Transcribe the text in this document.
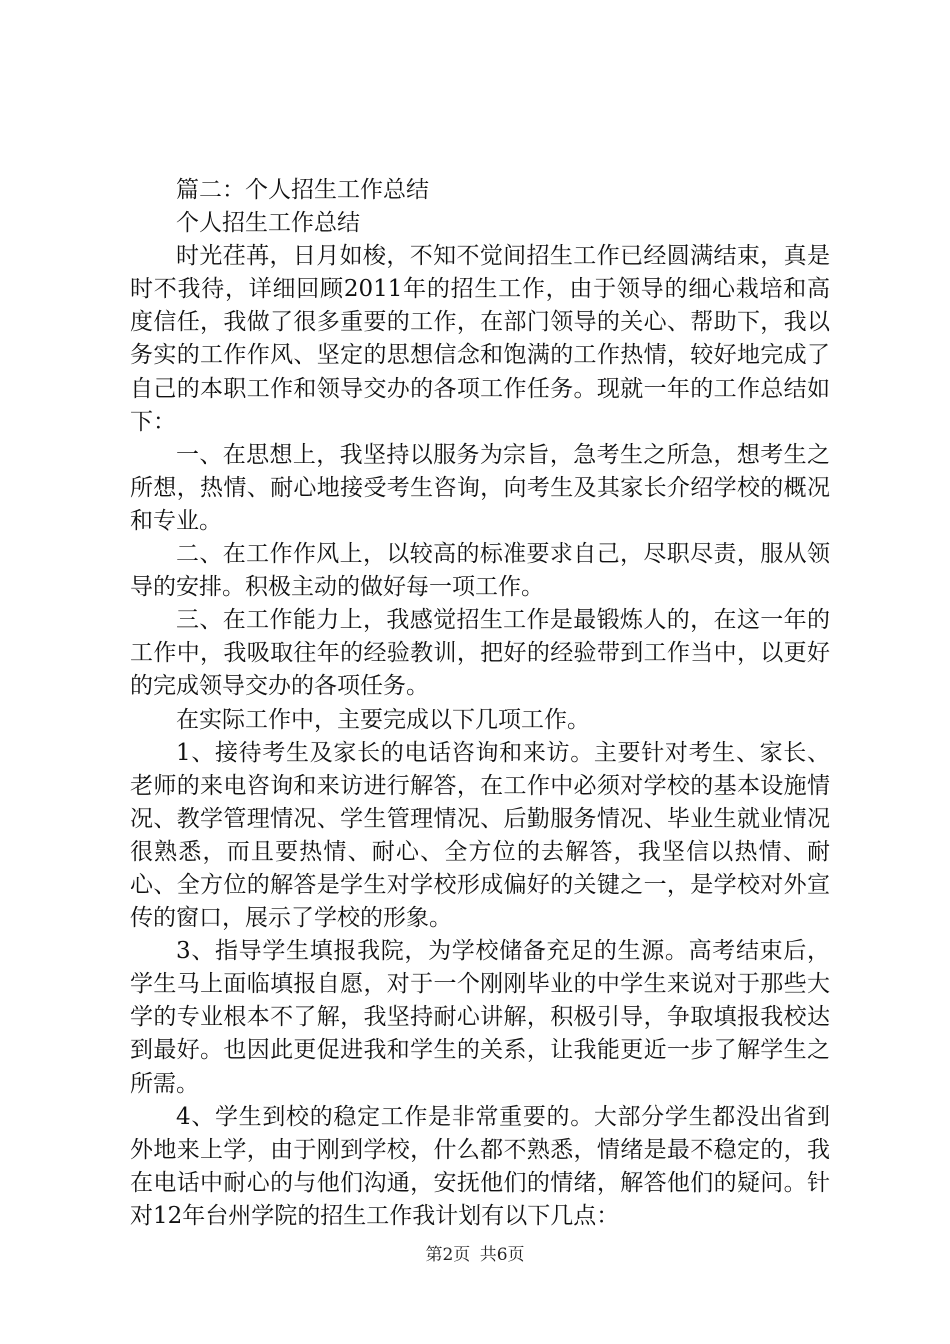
篇二：个人招生工作总结

个人招生工作总结

时光荏苒，日月如梭，不知不觉间招生工作已经圆满结束，真是时不我待，详细回顾2011年的招生工作，由于领导的细心栽培和高度信任，我做了很多重要的工作，在部门领导的关心、帮助下，我以务实的工作作风、坚定的思想信念和饱满的工作热情，较好地完成了自己的本职工作和领导交办的各项工作任务。现就一年的工作总结如下：

一、在思想上，我坚持以服务为宗旨，急考生之所急，想考生之所想，热情、耐心地接受考生咨询，向考生及其家长介绍学校的概况和专业。

二、在工作作风上，以较高的标准要求自己，尽职尽责，服从领导的安排。积极主动的做好每一项工作。

三、在工作能力上，我感觉招生工作是最锻炼人的，在这一年的工作中，我吸取往年的经验教训，把好的经验带到工作当中，以更好的完成领导交办的各项任务。

在实际工作中，主要完成以下几项工作。

1、接待考生及家长的电话咨询和来访。主要针对考生、家长、老师的来电咨询和来访进行解答，在工作中必须对学校的基本设施情况、教学管理情况、学生管理情况、后勤服务情况、毕业生就业情况很熟悉，而且要热情、耐心、全方位的去解答，我坚信以热情、耐心、全方位的解答是学生对学校形成偏好的关键之一，是学校对外宣传的窗口，展示了学校的形象。

3、指导学生填报我院，为学校储备充足的生源。高考结束后，学生马上面临填报自愿，对于一个刚刚毕业的中学生来说对于那些大学的专业根本不了解，我坚持耐心讲解，积极引导，争取填报我校达到最好。也因此更促进我和学生的关系，让我能更近一步了解学生之所需。

4、学生到校的稳定工作是非常重要的。大部分学生都没出省到外地来上学，由于刚到学校，什么都不熟悉，情绪是最不稳定的，我在电话中耐心的与他们沟通，安抚他们的情绪，解答他们的疑问。针对12年台州学院的招生工作我计划有以下几点：

第2页 共6页
